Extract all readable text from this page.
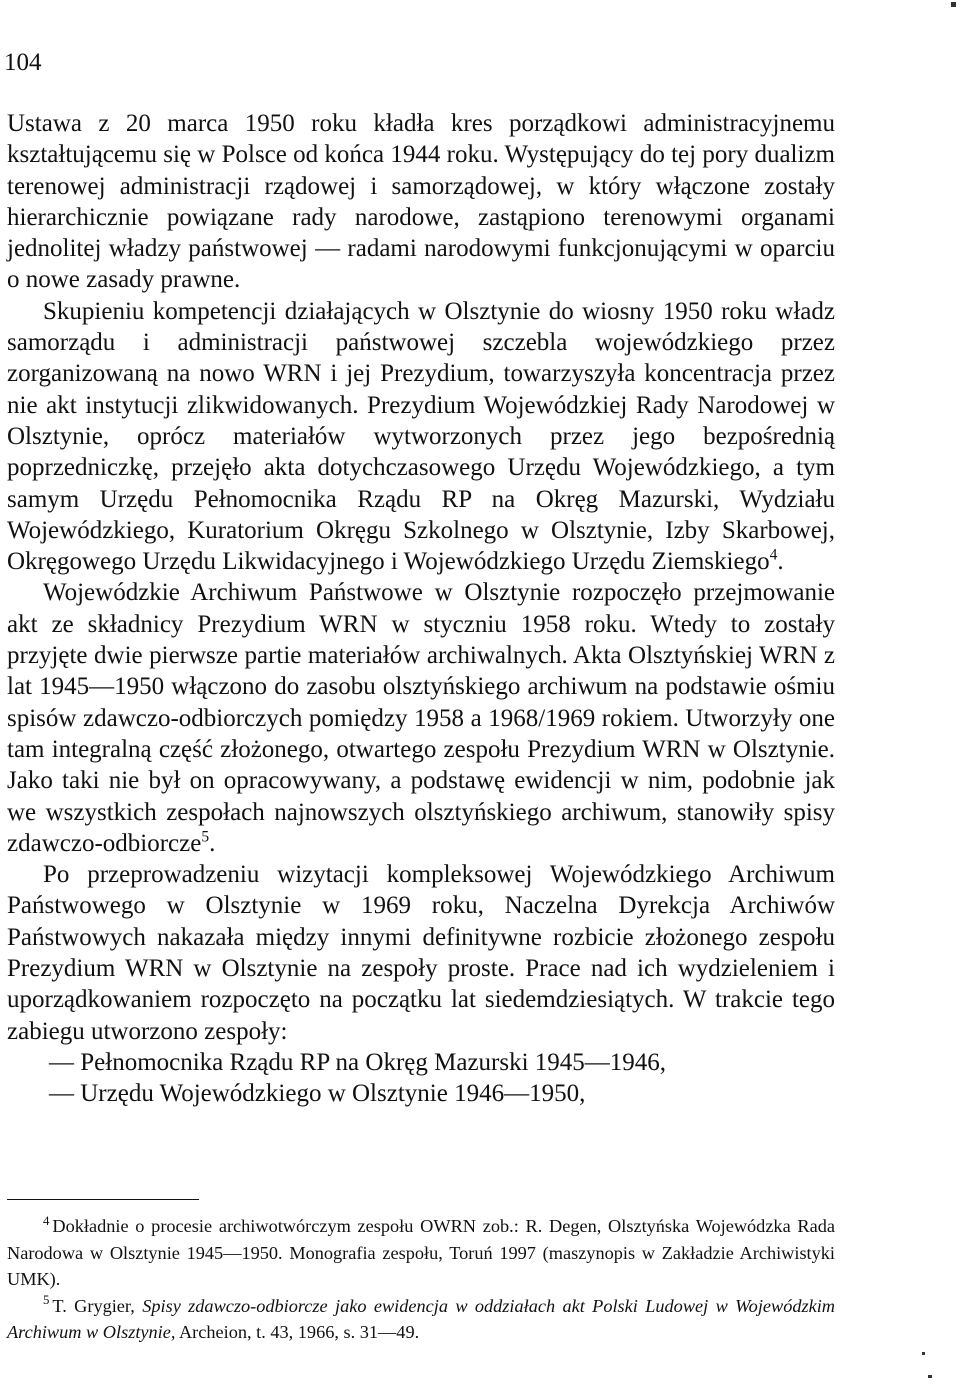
104

Ustawa z 20 marca 1950 roku kładła kres porządkowi administracyjnemu kształtującemu się w Polsce od końca 1944 roku. Występujący do tej pory dualizm terenowej administracji rządowej i samorządowej, w który włączone zostały hierarchicznie powiązane rady narodowe, zastąpiono terenowymi organami jednolitej władzy państwowej — radami narodowymi funkcjonującymi w oparciu o nowe zasady prawne.

Skupieniu kompetencji działających w Olsztynie do wiosny 1950 roku władz samorządu i administracji państwowej szczebla wojewódzkiego przez zorganizowaną na nowo WRN i jej Prezydium, towarzyszyła koncentracja przez nie akt instytucji zlikwidowanych. Prezydium Wojewódzkiej Rady Narodowej w Olsztynie, oprócz materiałów wytworzonych przez jego bezpośrednią poprzedniczkę, przejęło akta dotychczasowego Urzędu Wojewódzkiego, a tym samym Urzędu Pełnomocnika Rządu RP na Okręg Mazurski, Wydziału Wojewódzkiego, Kuratorium Okręgu Szkolnego w Olsztynie, Izby Skarbowej, Okręgowego Urzędu Likwidacyjnego i Wojewódzkiego Urzędu Ziemskiego$^4$.

Wojewódzkie Archiwum Państwowe w Olsztynie rozpoczęło przejmowanie akt ze składnicy Prezydium WRN w styczniu 1958 roku. Wtedy to zostały przyjęte dwie pierwsze partie materiałów archiwalnych. Akta Olsztyńskiej WRN z lat 1945—1950 włączono do zasobu olsztyńskiego archiwum na podstawie ośmiu spisów zdawczo-odbiorczych pomiędzy 1958 a 1968/1969 rokiem. Utworzyły one tam integralną część złożonego, otwartego zespołu Prezydium WRN w Olsztynie. Jako taki nie był on opracowywany, a podstawę ewidencji w nim, podobnie jak we wszystkich zespołach najnowszych olsztyńskiego archiwum, stanowiły spisy zdawczo-odbiorcze$^5$.

Po przeprowadzeniu wizytacji kompleksowej Wojewódzkiego Archiwum Państwowego w Olsztynie w 1969 roku, Naczelna Dyrekcja Archiwów Państwowych nakazała między innymi definitywne rozbicie złożonego zespołu Prezydium WRN w Olsztynie na zespoły proste. Prace nad ich wydzieleniem i uporządkowaniem rozpoczęto na początku lat siedemdziesiątych. W trakcie tego zabiegu utworzono zespoły:

— Pełnomocnika Rządu RP na Okręg Mazurski 1945—1946,

— Urzędu Wojewódzkiego w Olsztynie 1946—1950,

$^4$ Dokładnie o procesie archiwotwórczym zespołu OWRN zob.: R. Degen, Olsztyńska Wojewódzka Rada Narodowa w Olsztynie 1945—1950. Monografia zespołu, Toruń 1997 (maszynopis w Zakładzie Archiwistyki UMK).

$^5$ T. Grygier, Spisy zdawczo-odbiorcze jako ewidencja w oddziałach akt Polski Ludowej w Wojewódzkim Archiwum w Olsztynie, Archeion, t. 43, 1966, s. 31—49.
